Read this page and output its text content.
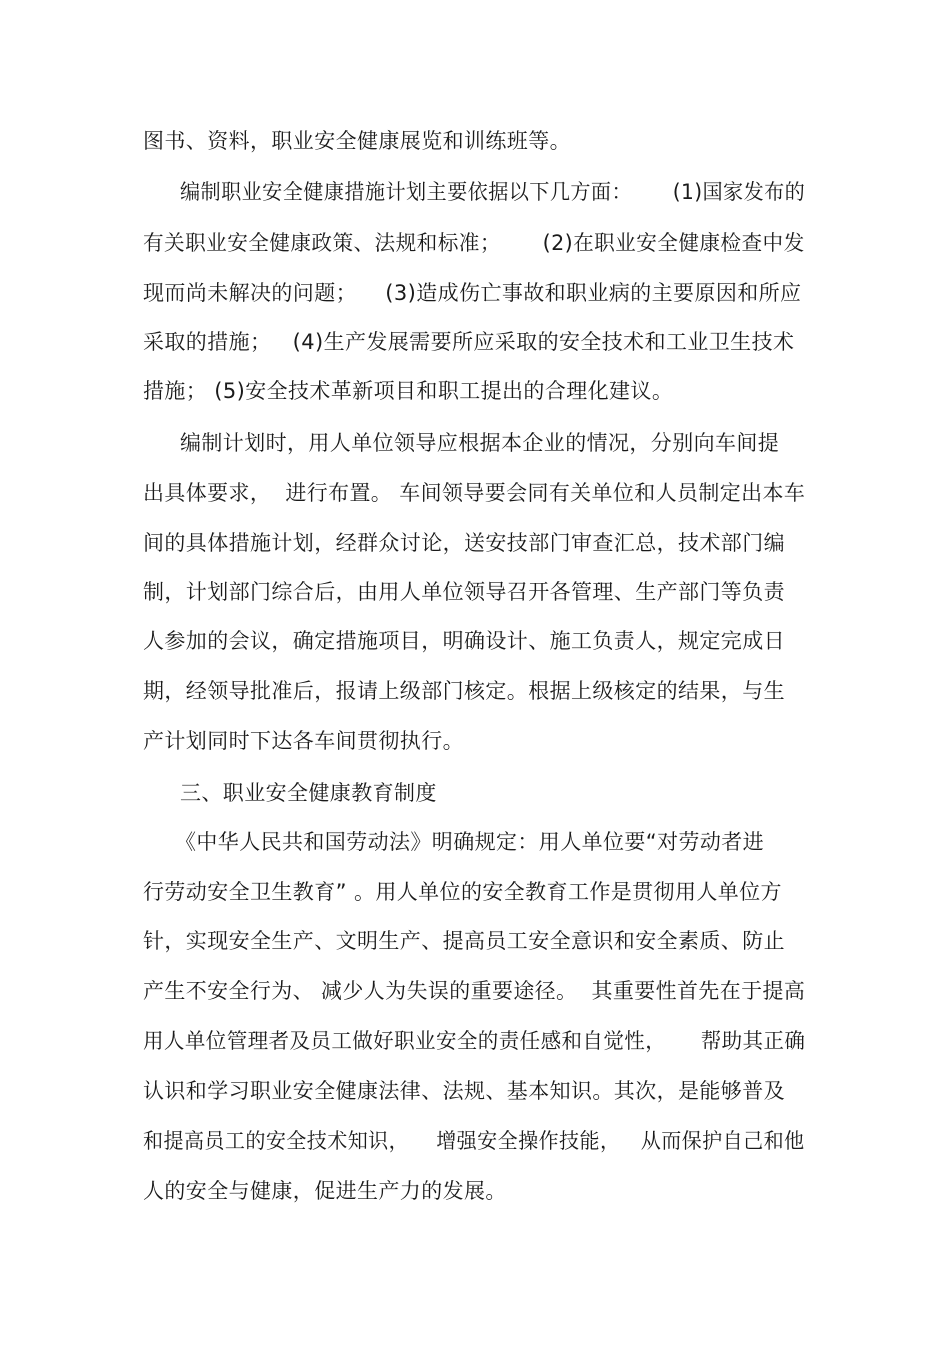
图书、资料，职业安全健康展览和训练班等。
编制职业安全健康措施计划主要依据以下几方面：      (1)国家发布的
有关职业安全健康政策、法规和标准；      (2)在职业安全健康检查中发
现而尚未解决的问题；    (3)造成伤亡事故和职业病的主要原因和所应
采取的措施；   (4)生产发展需要所应采取的安全技术和工业卫生技术
措施； (5)安全技术革新项目和职工提出的合理化建议。
编制计划时，用人单位领导应根据本企业的情况，分别向车间提
出具体要求，  进行布置。 车间领导要会同有关单位和人员制定出本车
间的具体措施计划，经群众讨论，送安技部门审查汇总，技术部门编
制，计划部门综合后，由用人单位领导召开各管理、生产部门等负责
人参加的会议，确定措施项目，明确设计、施工负责人，规定完成日
期，经领导批准后，报请上级部门核定。根据上级核定的结果，与生
产计划同时下达各车间贯彻执行。
三、职业安全健康教育制度
《中华人民共和国劳动法》明确规定：用人单位要“对劳动者进
行劳动安全卫生教育” 。用人单位的安全教育工作是贯彻用人单位方
针，实现安全生产、文明生产、提高员工安全意识和安全素质、防止
产生不安全行为、 减少人为失误的重要途径。  其重要性首先在于提高
用人单位管理者及员工做好职业安全的责任感和自觉性，     帮助其正确
认识和学习职业安全健康法律、法规、基本知识。其次，是能够普及
和提高员工的安全技术知识，    增强安全操作技能，   从而保护自己和他
人的安全与健康，促进生产力的发展。
